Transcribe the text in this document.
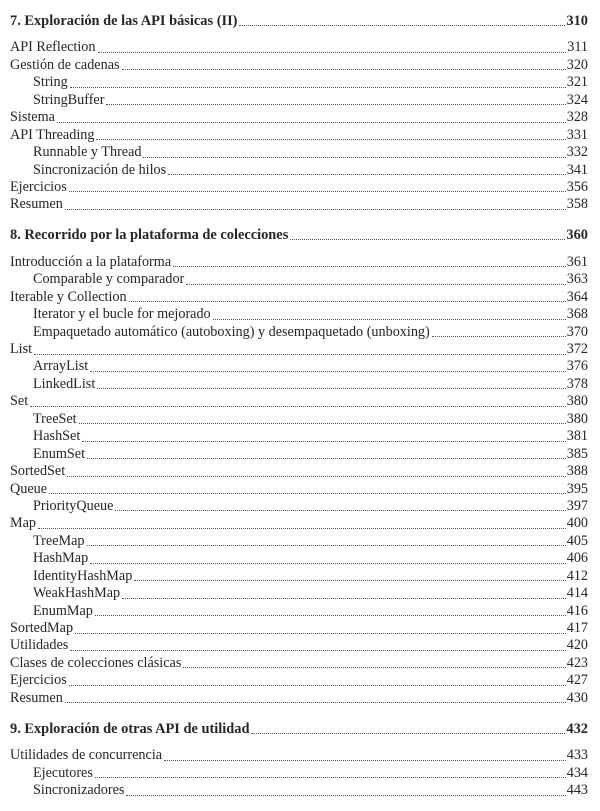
7. Exploración de las API básicas (II)	310
API Reflection	311
Gestión de cadenas	320
String	321
StringBuffer	324
Sistema	328
API Threading	331
Runnable y Thread	332
Sincronización de hilos	341
Ejercicios	356
Resumen	358
8. Recorrido por la plataforma de colecciones	360
Introducción a la plataforma	361
Comparable y comparador	363
Iterable y Collection	364
Iterator y el bucle for mejorado	368
Empaquetado automático (autoboxing) y desempaquetado (unboxing)	370
List	372
ArrayList	376
LinkedList	378
Set	380
TreeSet	380
HashSet	381
EnumSet	385
SortedSet	388
Queue	395
PriorityQueue	397
Map	400
TreeMap	405
HashMap	406
IdentityHashMap	412
WeakHashMap	414
EnumMap	416
SortedMap	417
Utilidades	420
Clases de colecciones clásicas	423
Ejercicios	427
Resumen	430
9. Exploración de otras API de utilidad	432
Utilidades de concurrencia	433
Ejecutores	434
Sincronizadores	443
